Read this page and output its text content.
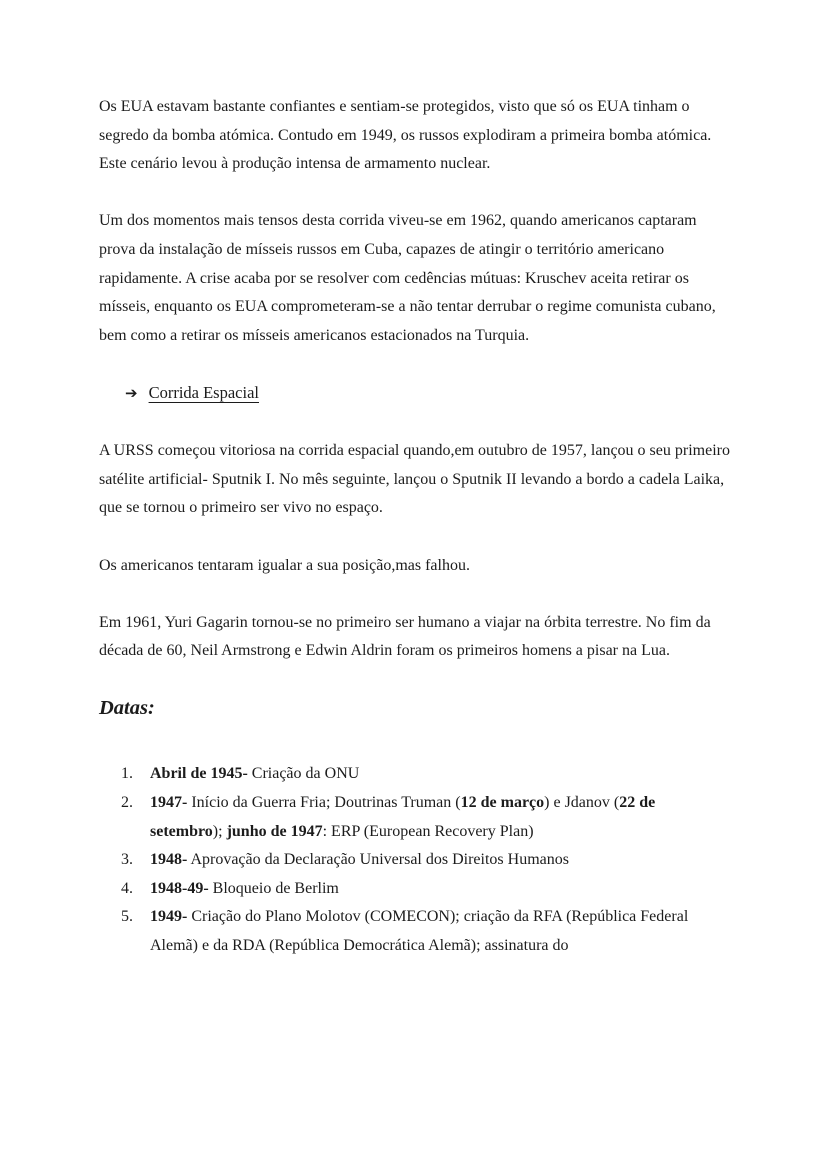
Os EUA estavam bastante confiantes e sentiam-se protegidos, visto que só os EUA tinham o segredo da bomba atómica. Contudo em 1949, os russos explodiram a primeira bomba atómica. Este cenário levou à produção intensa de armamento nuclear.

Um dos momentos mais tensos desta corrida viveu-se em 1962, quando americanos captaram prova da instalação de mísseis russos em Cuba, capazes de atingir o território americano rapidamente. A crise acaba por se resolver com cedências mútuas: Kruschev aceita retirar os mísseis, enquanto os EUA comprometeram-se a não tentar derrubar o regime comunista cubano, bem como a retirar os mísseis americanos estacionados na Turquia.

➔ Corrida Espacial

A URSS começou vitoriosa na corrida espacial quando,em outubro de 1957, lançou o seu primeiro satélite artificial- Sputnik I. No mês seguinte, lançou o Sputnik II levando a bordo a cadela Laika, que se tornou o primeiro ser vivo no espaço.

Os americanos tentaram igualar a sua posição,mas falhou.

Em 1961, Yuri Gagarin tornou-se no primeiro ser humano a viajar na órbita terrestre. No fim da década de 60, Neil Armstrong e Edwin Aldrin foram os primeiros homens a pisar na Lua.

Datas:
1. Abril de 1945- Criação da ONU
2. 1947- Início da Guerra Fria; Doutrinas Truman (12 de março) e Jdanov (22 de setembro); junho de 1947: ERP (European Recovery Plan)
3. 1948- Aprovação da Declaração Universal dos Direitos Humanos
4. 1948-49- Bloqueio de Berlim
5. 1949- Criação do Plano Molotov (COMECON); criação da RFA (República Federal Alemã) e da RDA (República Democrática Alemã); assinatura do
